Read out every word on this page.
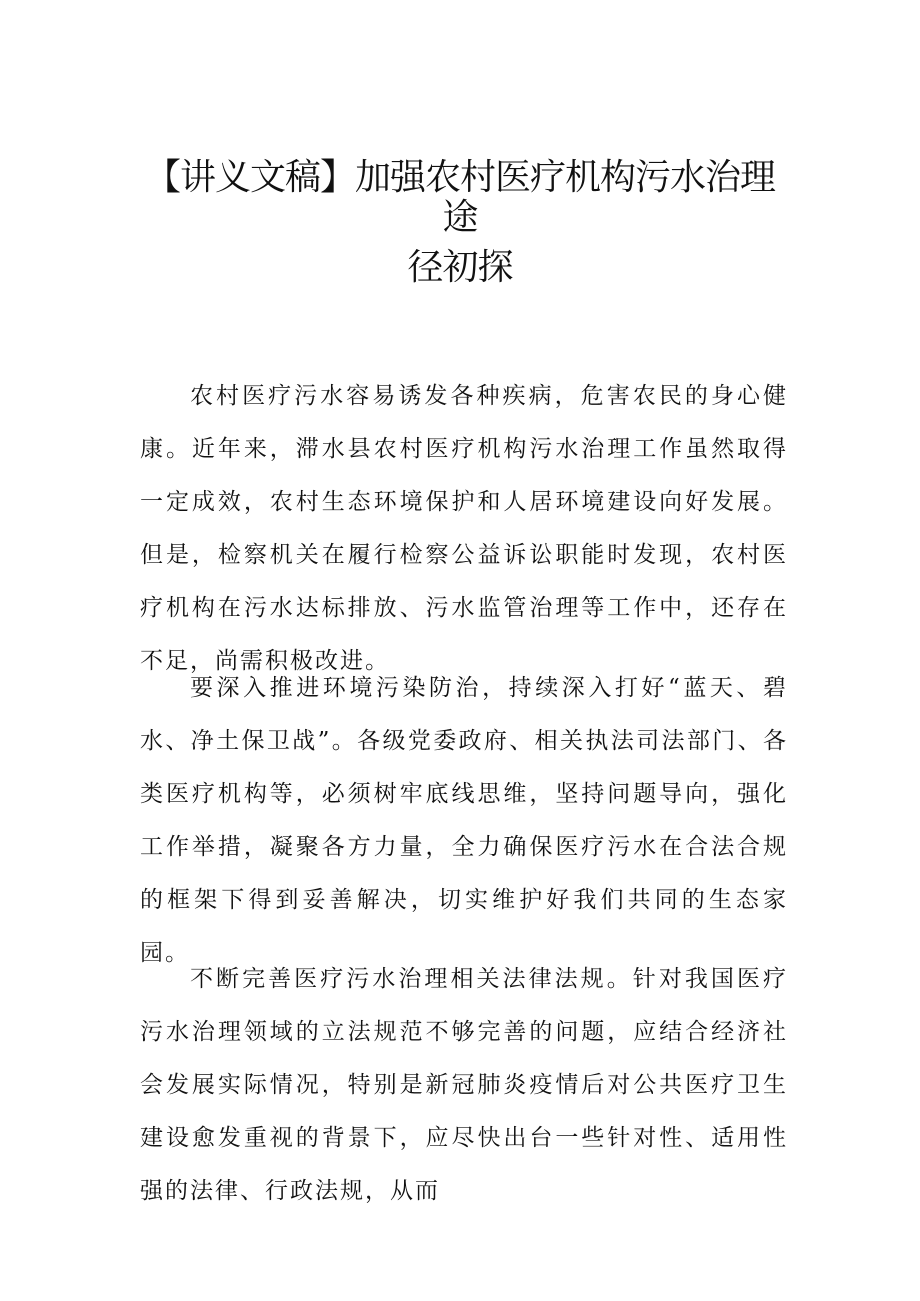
【讲义文稿】加强农村医疗机构污水治理途
径初探

农村医疗污水容易诱发各种疾病，危害农民的身心健康。近年来，滞水县农村医疗机构污水治理工作虽然取得一定成效，农村生态环境保护和人居环境建设向好发展。但是，检察机关在履行检察公益诉讼职能时发现，农村医疗机构在污水达标排放、污水监管治理等工作中，还存在不足，尚需积极改进。

要深入推进环境污染防治，持续深入打好“蓝天、碧水、净土保卫战”。各级党委政府、相关执法司法部门、各类医疗机构等，必须树牢底线思维，坚持问题导向，强化工作举措，凝聚各方力量，全力确保医疗污水在合法合规的框架下得到妥善解决，切实维护好我们共同的生态家园。

不断完善医疗污水治理相关法律法规。针对我国医疗污水治理领域的立法规范不够完善的问题，应结合经济社会发展实际情况，特别是新冠肺炎疫情后对公共医疗卫生建设愈发重视的背景下，应尽快出台一些针对性、适用性强的法律、行政法规，从而
